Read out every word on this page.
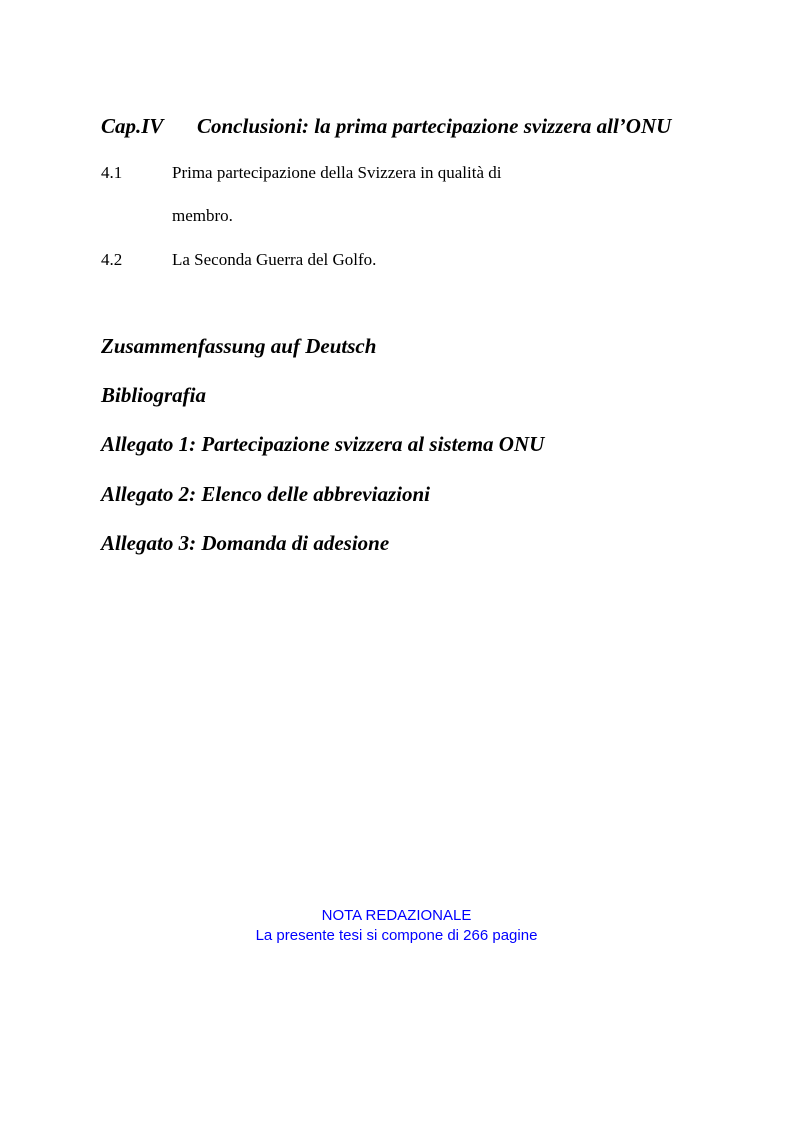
Cap.IV Conclusioni: la prima partecipazione svizzera all’ONU
4.1	Prima partecipazione della Svizzera in qualità di
membro.
4.2	La Seconda Guerra del Golfo.
Zusammenfassung auf Deutsch
Bibliografia
Allegato 1: Partecipazione svizzera al sistema ONU
Allegato 2: Elenco delle abbreviazioni
Allegato 3: Domanda di adesione
NOTA REDAZIONALE
La presente tesi si compone di 266 pagine
